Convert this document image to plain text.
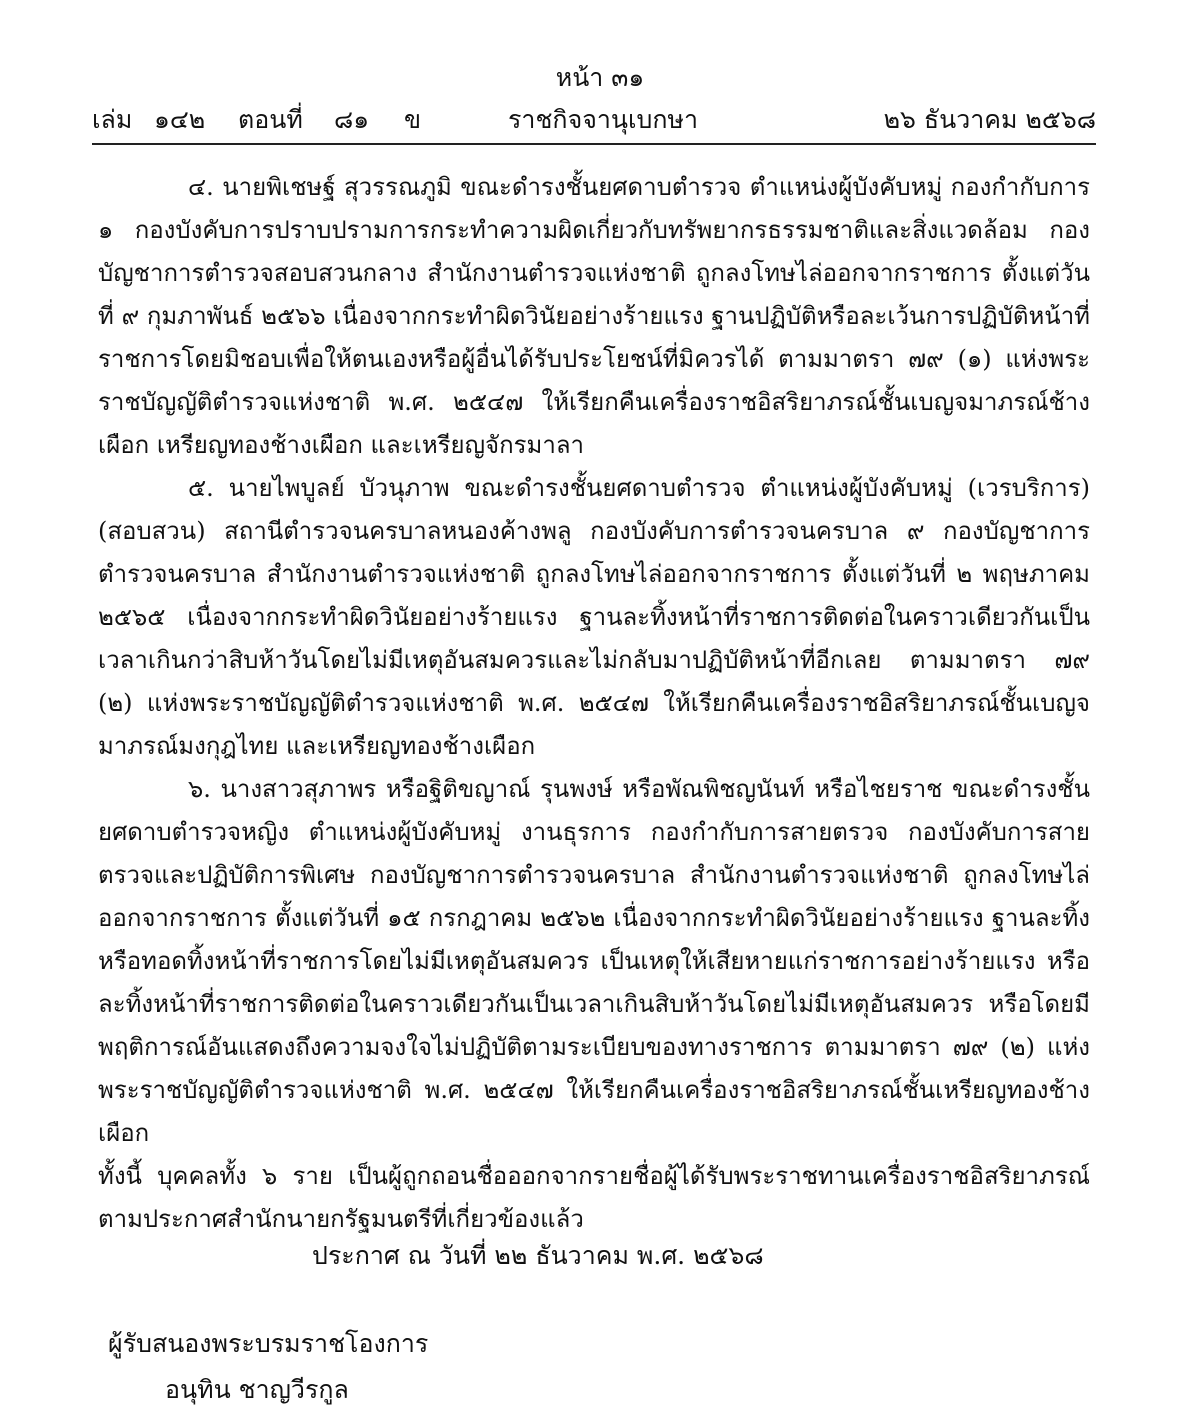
หน้า ๓๑
เล่ม ๑๔๒ ตอนที่ ๘๑ ข	ราชกิจจานุเบกษา	๒๖ ธันวาคม ๒๕๖๘

๔. นายพิเชษฐ์ สุวรรณภูมิ ขณะดำรงชั้นยศดาบตำรวจ ตำแหน่งผู้บังคับหมู่ กองกำกับการ ๑ กองบังคับการปราบปรามการกระทำความผิดเกี่ยวกับทรัพยากรธรรมชาติและสิ่งแวดล้อม กองบัญชาการตำรวจสอบสวนกลาง สำนักงานตำรวจแห่งชาติ ถูกลงโทษไล่ออกจากราชการ ตั้งแต่วันที่ ๙ กุมภาพันธ์ ๒๕๖๖ เนื่องจากกระทำผิดวินัยอย่างร้ายแรง ฐานปฏิบัติหรือละเว้นการปฏิบัติหน้าที่ราชการโดยมิชอบเพื่อให้ตนเองหรือผู้อื่นได้รับประโยชน์ที่มิควรได้ ตามมาตรา ๗๙ (๑) แห่งพระราชบัญญัติตำรวจแห่งชาติ พ.ศ. ๒๕๔๗ ให้เรียกคืนเครื่องราชอิสริยาภรณ์ชั้นเบญจมาภรณ์ช้างเผือก เหรียญทองช้างเผือก และเหรียญจักรมาลา

๕. นายไพบูลย์ บัวนุภาพ ขณะดำรงชั้นยศดาบตำรวจ ตำแหน่งผู้บังคับหมู่ (เวรบริการ) (สอบสวน) สถานีตำรวจนครบาลหนองค้างพลู กองบังคับการตำรวจนครบาล ๙ กองบัญชาการตำรวจนครบาล สำนักงานตำรวจแห่งชาติ ถูกลงโทษไล่ออกจากราชการ ตั้งแต่วันที่ ๒ พฤษภาคม ๒๕๖๕ เนื่องจากกระทำผิดวินัยอย่างร้ายแรง ฐานละทิ้งหน้าที่ราชการติดต่อในคราวเดียวกันเป็นเวลาเกินกว่าสิบห้าวันโดยไม่มีเหตุอันสมควรและไม่กลับมาปฏิบัติหน้าที่อีกเลย ตามมาตรา ๗๙ (๒) แห่งพระราชบัญญัติตำรวจแห่งชาติ พ.ศ. ๒๕๔๗ ให้เรียกคืนเครื่องราชอิสริยาภรณ์ชั้นเบญจมาภรณ์มงกุฎไทย และเหรียญทองช้างเผือก

๖. นางสาวสุภาพร หรือฐิติขญาณ์ รุนพงษ์ หรือพัณพิชญนันท์ หรือไชยราช ขณะดำรงชั้นยศดาบตำรวจหญิง ตำแหน่งผู้บังคับหมู่ งานธุรการ กองกำกับการสายตรวจ กองบังคับการสายตรวจและปฏิบัติการพิเศษ กองบัญชาการตำรวจนครบาล สำนักงานตำรวจแห่งชาติ ถูกลงโทษไล่ออกจากราชการ ตั้งแต่วันที่ ๑๕ กรกฎาคม ๒๕๖๒ เนื่องจากกระทำผิดวินัยอย่างร้ายแรง ฐานละทิ้งหรือทอดทิ้งหน้าที่ราชการโดยไม่มีเหตุอันสมควร เป็นเหตุให้เสียหายแก่ราชการอย่างร้ายแรง หรือละทิ้งหน้าที่ราชการติดต่อในคราวเดียวกันเป็นเวลาเกินสิบห้าวันโดยไม่มีเหตุอันสมควร หรือโดยมีพฤติการณ์อันแสดงถึงความจงใจไม่ปฏิบัติตามระเบียบของทางราชการ ตามมาตรา ๗๙ (๒) แห่งพระราชบัญญัติตำรวจแห่งชาติ พ.ศ. ๒๕๔๗ ให้เรียกคืนเครื่องราชอิสริยาภรณ์ชั้นเหรียญทองช้างเผือก

ทั้งนี้ บุคคลทั้ง ๖ ราย เป็นผู้ถูกถอนชื่อออกจากรายชื่อผู้ได้รับพระราชทานเครื่องราชอิสริยาภรณ์ตามประกาศสำนักนายกรัฐมนตรีที่เกี่ยวข้องแล้ว

ประกาศ ณ วันที่ ๒๒ ธันวาคม พ.ศ. ๒๕๖๘
ผู้รับสนองพระบรมราชโองการ
อนุทิน ชาญวีรกูล
